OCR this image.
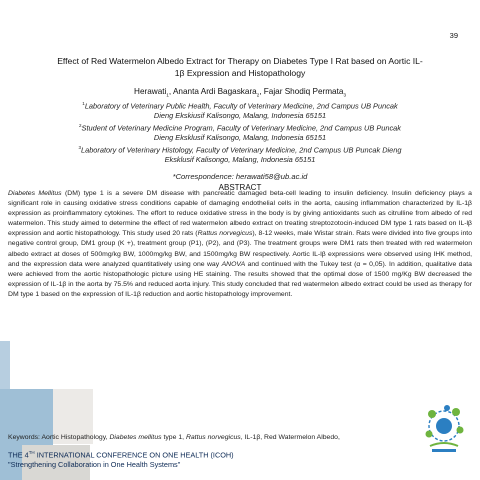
39
Effect of Red Watermelon Albedo Extract for Therapy on Diabetes Type I Rat based on Aortic IL-
1β Expression and Histopathology
Herawati$_1$, Ananta Ardi Bagaskara$_2$, Fajar Shodiq Permata$_3$
$^1$Laboratory of Veterinary Public Health, Faculty of Veterinary Medicine, 2nd Campus UB Puncak
Dieng Ekskiusif Kalisongo, Malang, Indonesia 65151
$^2$Student of Veterinary Medicine Program, Faculty of Veterinary Medicine, 2nd Campus UB Puncak
Dieng Eksklusif Kalisongo, Malang, Indonesia 65151
$^3$Laboratory of Veterinary Histology, Faculty of Veterinary Medicine, 2nd Campus UB Puncak Dieng
Eksklusif Kalisongo, Malang, Indonesia 65151
*Correspondence: herawati58@ub.ac.id
ABSTRACT

Diabetes Mellitus (DM) type 1 is a severe DM disease with pancreatic damaged beta-cell leading to insulin deficiency. Insulin deficiency plays a significant role in causing oxidative stress conditions capable of damaging endothelial cells in the aorta, causing inflammation characterized by IL-1β expression as proinflammatory cytokines. The effort to reduce oxidative stress in the body is by giving antioxidants such as citrulline from albedo of red watermelon. This study aimed to determine the effect of red watermelon albedo extract on treating streptozotocin-induced DM type 1 rats based on IL-lβ expression and aortic histopathology. This study used 20 rats (Rattus norvegicus), 8-12 weeks, male Wistar strain. Rats were divided into five groups into negative control group, DM1 group (K +), treatment group (P1), (P2), and (P3). The treatment groups were DM1 rats then treated with red watermelon albedo extract at doses of 500mg/kg BW, 1000mg/kg BW, and 1500mg/kg BW respectively. Aortic IL-lβ expressions were observed using IHK method, and the expression data were analyzed quantitatively using one way ANOVA and continued with the Tukey test (α = 0,05). In addition, qualitative data were achieved from the aortic histopathologic picture using HE staining. The results showed that the optimal dose of 1500 mg/Kg BW decreased the expression of IL-1β in the aorta by 75.5% and reduced aorta injury. This study concluded that red watermelon albedo extract could be used as therapy for DM type 1 based on the expression of IL-1β reduction and aortic histopathology improvement.

Keywords: Aortic Histopathology, Diabetes mellitus type 1, Rattus norvegicus, IL-1β, Red Watermelon Albedo,
THE 4TH INTERNATIONAL CONFERENCE ON ONE HEALTH (ICOH)
"Strengthening Collaboration in One Health Systems"
